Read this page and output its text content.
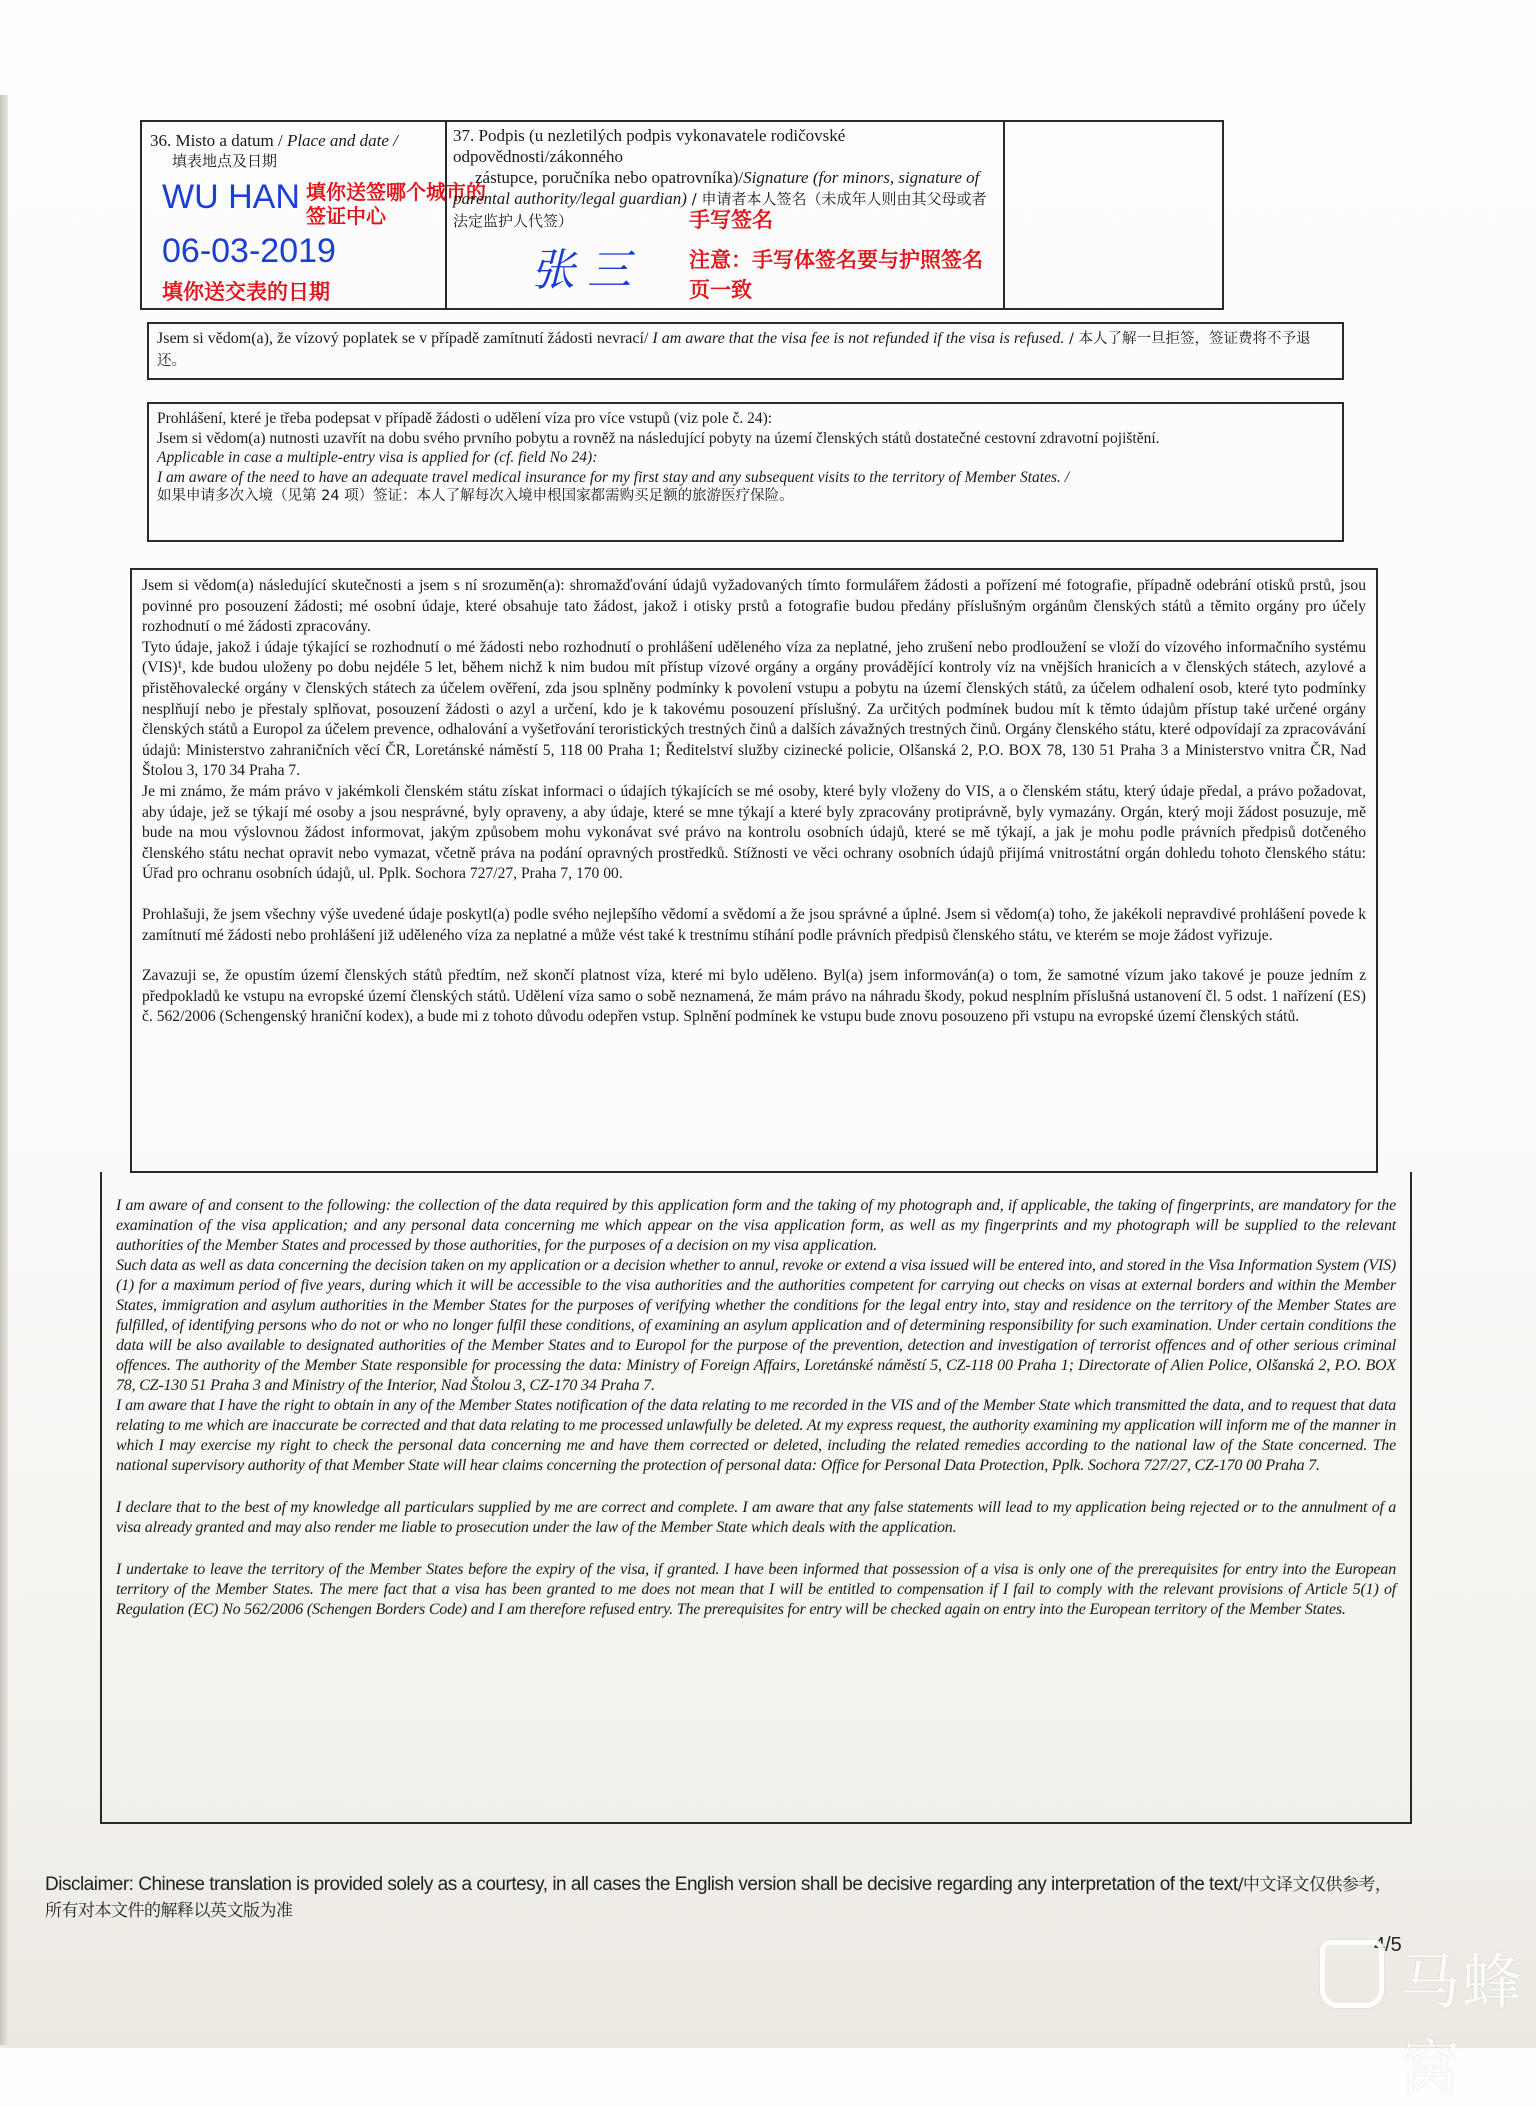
36. Misto a datum / Place and date /
填表地点及日期
WU HAN 填你送签哪个城市的签证中心
06-03-2019
填你送交表的日期
37. Podpis (u nezletilých podpis vykonavatele rodičovské odpovědnosti/zákonného
zástupce, poručníka nebo opatrovníka)/Signature (for minors, signature of parental authority/legal guardian) / 申请者本人签名（未成年人则由其父母或者法定监护人代签）
张三
手写签名
注意：手写体签名要与护照签名页一致
Jsem si vědom(a), že vízový poplatek se v případě zamítnutí žádosti nevrací/ I am aware that the visa fee is not refunded if the visa is refused. / 本人了解一旦拒签，签证费将不予退还。

Prohlášení, které je třeba podepsat v případě žádosti o udělení víza pro více vstupů (viz pole č. 24):

Jsem si vědom(a) nutnosti uzavřít na dobu svého prvního pobytu a rovněž na následující pobyty na území členských států dostatečné cestovní zdravotní pojištění.

Applicable in case a multiple-entry visa is applied for (cf. field No 24):

I am aware of the need to have an adequate travel medical insurance for my first stay and any subsequent visits to the territory of Member States. /

如果申请多次入境（见第 24 项）签证：本人了解每次入境申根国家都需购买足额的旅游医疗保险。

Jsem si vědom(a) následující skutečnosti a jsem s ní srozuměn(a): shromažďování údajů vyžadovaných tímto formulářem žádosti a pořízení mé fotografie, případně odebrání otisků prstů, jsou povinné pro posouzení žádosti; mé osobní údaje, které obsahuje tato žádost, jakož i otisky prstů a fotografie budou předány příslušným orgánům členských států a těmito orgány pro účely rozhodnutí o mé žádosti zpracovány.

Tyto údaje, jakož i údaje týkající se rozhodnutí o mé žádosti nebo rozhodnutí o prohlášení uděleného víza za neplatné, jeho zrušení nebo prodloužení se vloží do vízového informačního systému (VIS)¹, kde budou uloženy po dobu nejdéle 5 let, během nichž k nim budou mít přístup vízové orgány a orgány provádějící kontroly víz na vnějších hranicích a v členských státech, azylové a přistěhovalecké orgány v členských státech za účelem ověření, zda jsou splněny podmínky k povolení vstupu a pobytu na území členských států, za účelem odhalení osob, které tyto podmínky nesplňují nebo je přestaly splňovat, posouzení žádosti o azyl a určení, kdo je k takovému posouzení příslušný. Za určitých podmínek budou mít k těmto údajům přístup také určené orgány členských států a Europol za účelem prevence, odhalování a vyšetřování teroristických trestných činů a dalších závažných trestných činů. Orgány členského státu, které odpovídají za zpracovávání údajů: Ministerstvo zahraničních věcí ČR, Loretánské náměstí 5, 118 00 Praha 1; Ředitelství služby cizinecké policie, Olšanská 2, P.O. BOX 78, 130 51 Praha 3 a Ministerstvo vnitra ČR, Nad Štolou 3, 170 34 Praha 7.

Je mi známo, že mám právo v jakémkoli členském státu získat informaci o údajích týkajících se mé osoby, které byly vloženy do VIS, a o členském státu, který údaje předal, a právo požadovat, aby údaje, jež se týkají mé osoby a jsou nesprávné, byly opraveny, a aby údaje, které se mne týkají a které byly zpracovány protiprávně, byly vymazány. Orgán, který moji žádost posuzuje, mě bude na mou výslovnou žádost informovat, jakým způsobem mohu vykonávat své právo na kontrolu osobních údajů, které se mě týkají, a jak je mohu podle právních předpisů dotčeného členského státu nechat opravit nebo vymazat, včetně práva na podání opravných prostředků. Stížnosti ve věci ochrany osobních údajů přijímá vnitrostátní orgán dohledu tohoto členského státu: Úřad pro ochranu osobních údajů, ul. Pplk. Sochora 727/27, Praha 7, 170 00.

Prohlašuji, že jsem všechny výše uvedené údaje poskytl(a) podle svého nejlepšího vědomí a svědomí a že jsou správné a úplné. Jsem si vědom(a) toho, že jakékoli nepravdivé prohlášení povede k zamítnutí mé žádosti nebo prohlášení již uděleného víza za neplatné a může vést také k trestnímu stíhání podle právních předpisů členského státu, ve kterém se moje žádost vyřizuje.

Zavazuji se, že opustím území členských států předtím, než skončí platnost víza, které mi bylo uděleno. Byl(a) jsem informován(a) o tom, že samotné vízum jako takové je pouze jedním z předpokladů ke vstupu na evropské území členských států. Udělení víza samo o sobě neznamená, že mám právo na náhradu škody, pokud nesplním příslušná ustanovení čl. 5 odst. 1 nařízení (ES) č. 562/2006 (Schengenský hraniční kodex), a bude mi z tohoto důvodu odepřen vstup. Splnění podmínek ke vstupu bude znovu posouzeno při vstupu na evropské území členských států.

I am aware of and consent to the following: the collection of the data required by this application form and the taking of my photograph and, if applicable, the taking of fingerprints, are mandatory for the examination of the visa application; and any personal data concerning me which appear on the visa application form, as well as my fingerprints and my photograph will be supplied to the relevant authorities of the Member States and processed by those authorities, for the purposes of a decision on my visa application.

Such data as well as data concerning the decision taken on my application or a decision whether to annul, revoke or extend a visa issued will be entered into, and stored in the Visa Information System (VIS) (1) for a maximum period of five years, during which it will be accessible to the visa authorities and the authorities competent for carrying out checks on visas at external borders and within the Member States, immigration and asylum authorities in the Member States for the purposes of verifying whether the conditions for the legal entry into, stay and residence on the territory of the Member States are fulfilled, of identifying persons who do not or who no longer fulfil these conditions, of examining an asylum application and of determining responsibility for such examination. Under certain conditions the data will be also available to designated authorities of the Member States and to Europol for the purpose of the prevention, detection and investigation of terrorist offences and of other serious criminal offences. The authority of the Member State responsible for processing the data: Ministry of Foreign Affairs, Loretánské náměstí 5, CZ-118 00 Praha 1; Directorate of Alien Police, Olšanská 2, P.O. BOX 78, CZ-130 51 Praha 3 and Ministry of the Interior, Nad Štolou 3, CZ-170 34 Praha 7.

I am aware that I have the right to obtain in any of the Member States notification of the data relating to me recorded in the VIS and of the Member State which transmitted the data, and to request that data relating to me which are inaccurate be corrected and that data relating to me processed unlawfully be deleted. At my express request, the authority examining my application will inform me of the manner in which I may exercise my right to check the personal data concerning me and have them corrected or deleted, including the related remedies according to the national law of the State concerned. The national supervisory authority of that Member State will hear claims concerning the protection of personal data: Office for Personal Data Protection, Pplk. Sochora 727/27, CZ-170 00 Praha 7.

I declare that to the best of my knowledge all particulars supplied by me are correct and complete. I am aware that any false statements will lead to my application being rejected or to the annulment of a visa already granted and may also render me liable to prosecution under the law of the Member State which deals with the application.

I undertake to leave the territory of the Member States before the expiry of the visa, if granted. I have been informed that possession of a visa is only one of the prerequisites for entry into the European territory of the Member States. The mere fact that a visa has been granted to me does not mean that I will be entitled to compensation if I fail to comply with the relevant provisions of Article 5(1) of Regulation (EC) No 562/2006 (Schengen Borders Code) and I am therefore refused entry. The prerequisites for entry will be checked again on entry into the European territory of the Member States.

Disclaimer: Chinese translation is provided solely as a courtesy, in all cases the English version shall be decisive regarding any interpretation of the text/中文译文仅供参考，所有对本文件的解释以英文版为准
4/5
马蜂窝
